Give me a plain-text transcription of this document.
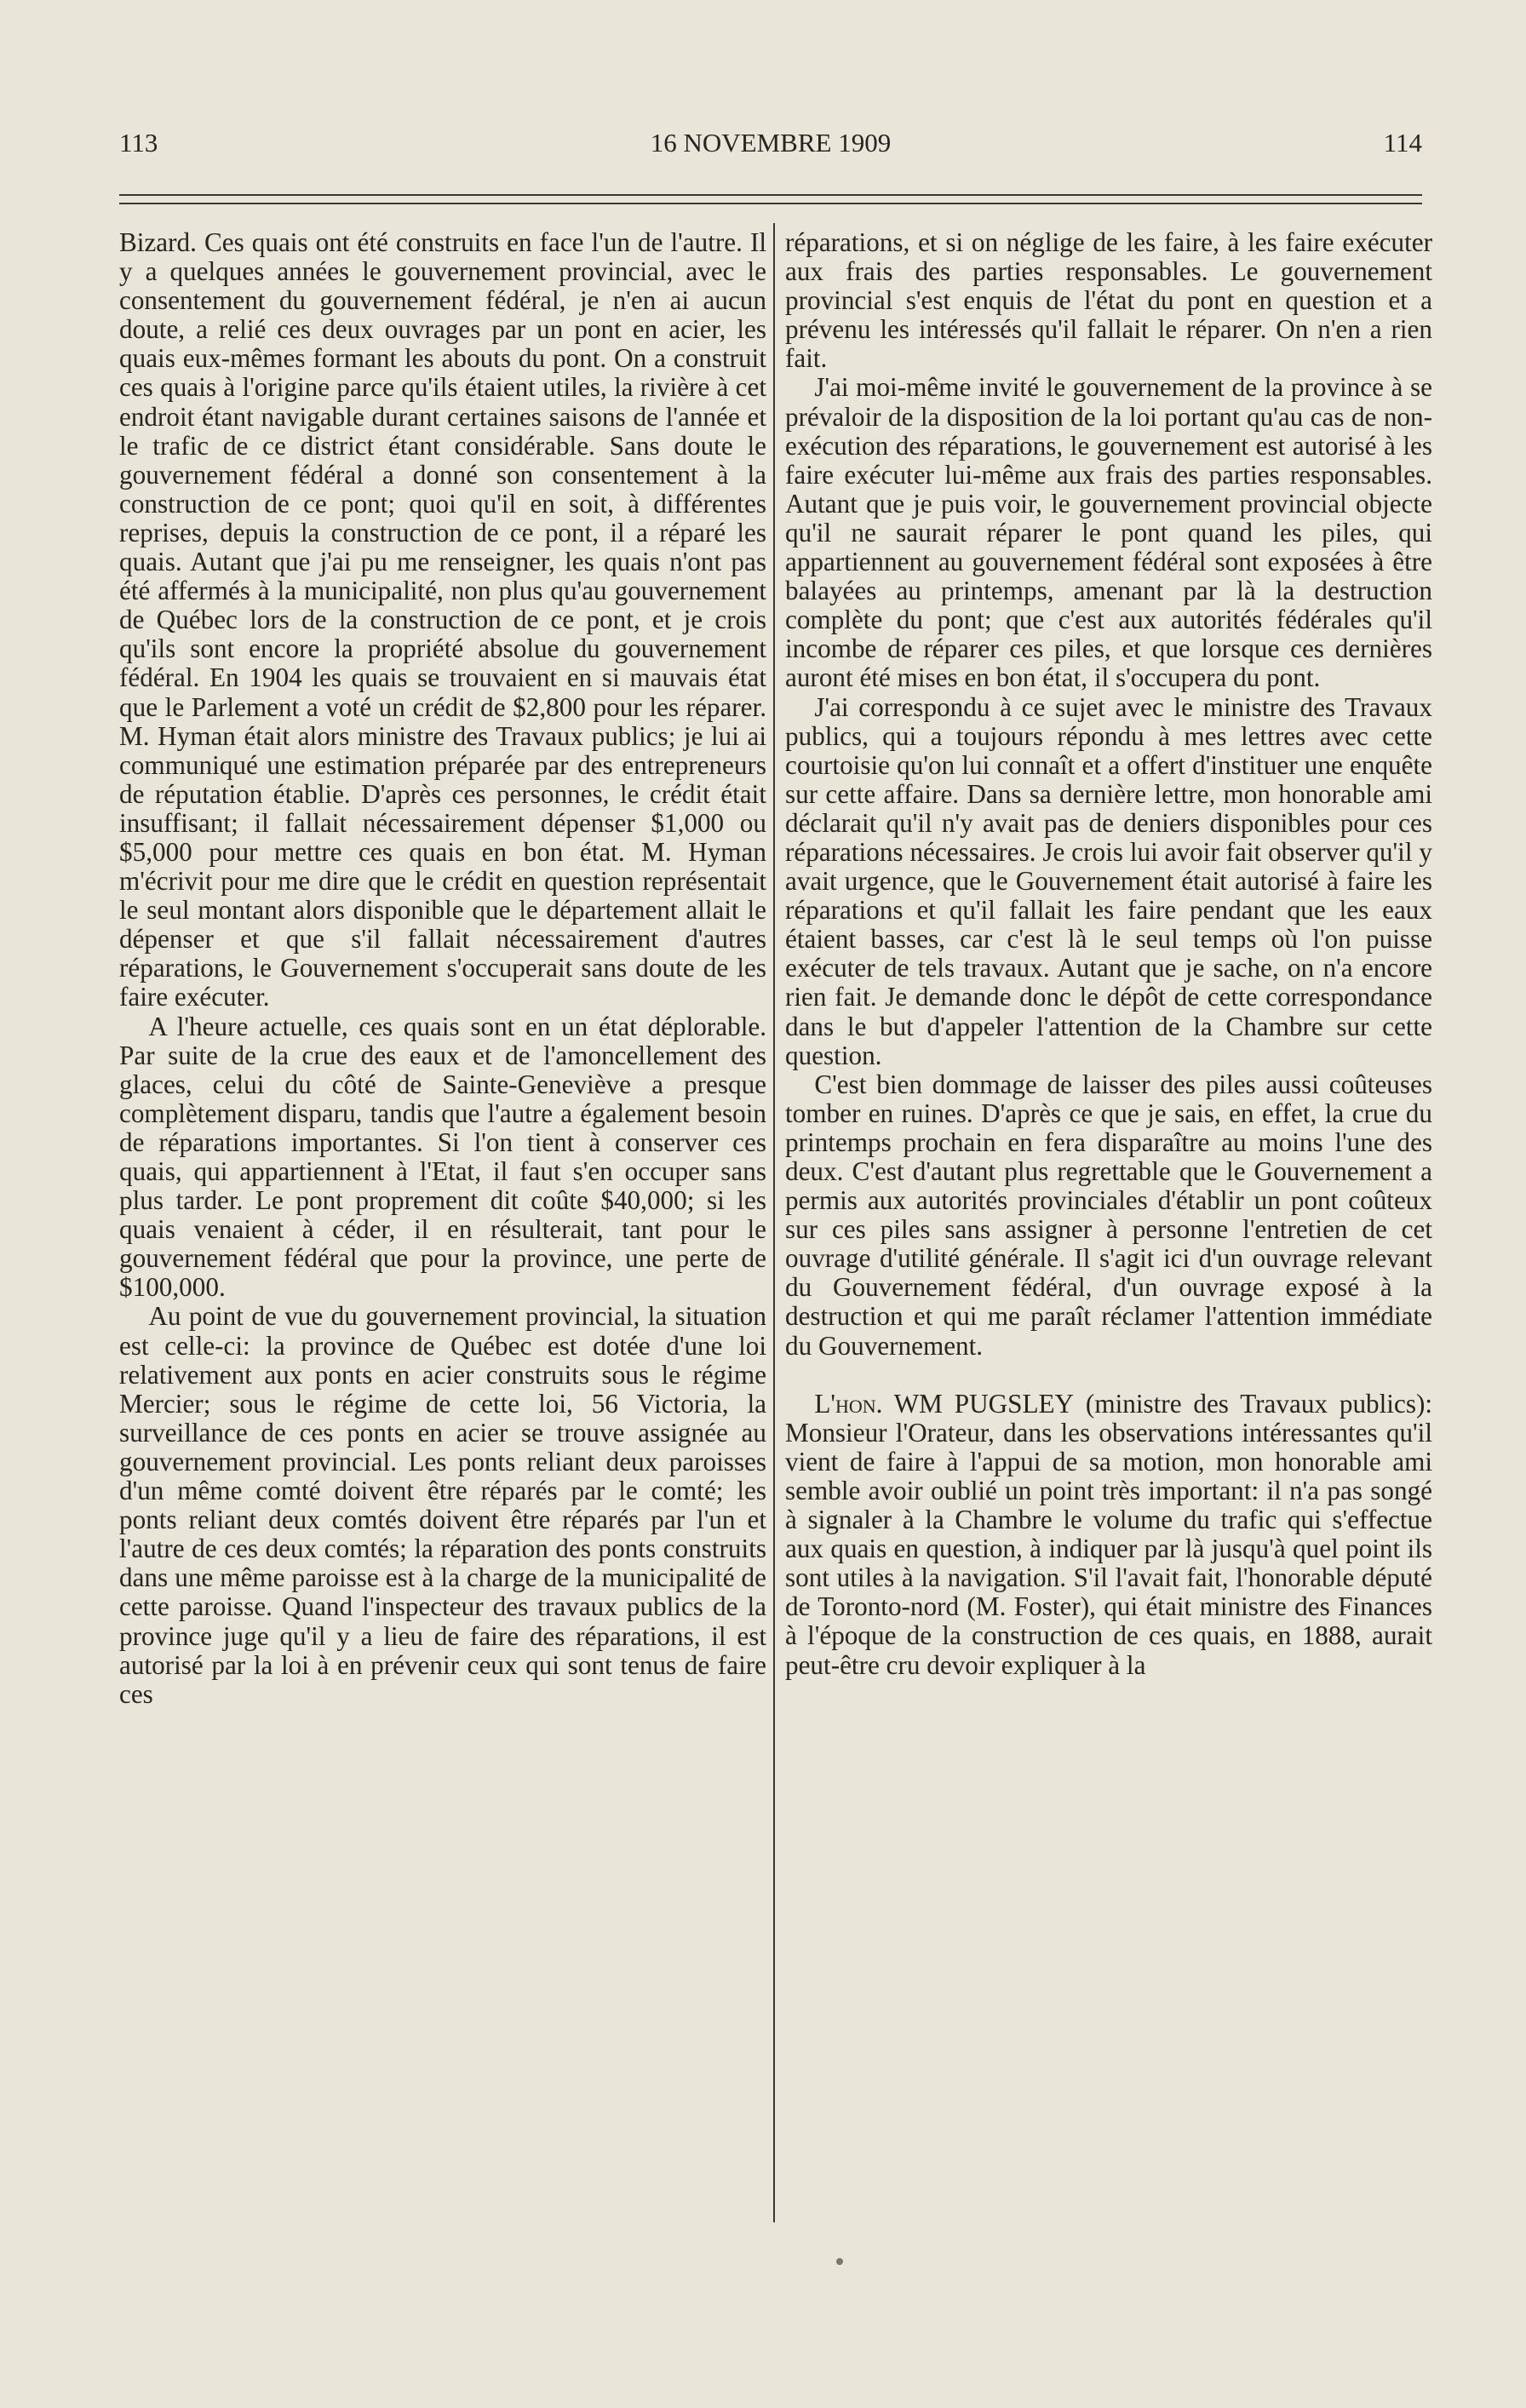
113	16 NOVEMBRE 1909	114

Bizard. Ces quais ont été construits en face l'un de l'autre. Il y a quelques années le gouvernement provincial, avec le consentement du gouvernement fédéral, je n'en ai aucun doute, a relié ces deux ouvrages par un pont en acier, les quais eux-mêmes formant les abouts du pont. On a construit ces quais à l'origine parce qu'ils étaient utiles, la rivière à cet endroit étant navigable durant certaines saisons de l'année et le trafic de ce district étant considérable. Sans doute le gouvernement fédéral a donné son consentement à la construction de ce pont; quoi qu'il en soit, à différentes reprises, depuis la construction de ce pont, il a réparé les quais. Autant que j'ai pu me renseigner, les quais n'ont pas été affermés à la municipalité, non plus qu'au gouvernement de Québec lors de la construction de ce pont, et je crois qu'ils sont encore la propriété absolue du gouvernement fédéral. En 1904 les quais se trouvaient en si mauvais état que le Parlement a voté un crédit de $2,800 pour les réparer. M. Hyman était alors ministre des Travaux publics; je lui ai communiqué une estimation préparée par des entrepreneurs de réputation établie. D'après ces personnes, le crédit était insuffisant; il fallait nécessairement dépenser $1,000 ou $5,000 pour mettre ces quais en bon état. M. Hyman m'écrivit pour me dire que le crédit en question représentait le seul montant alors disponible que le département allait le dépenser et que s'il fallait nécessairement d'autres réparations, le Gouvernement s'occuperait sans doute de les faire exécuter.

A l'heure actuelle, ces quais sont en un état déplorable. Par suite de la crue des eaux et de l'amoncellement des glaces, celui du côté de Sainte-Geneviève a presque complètement disparu, tandis que l'autre a également besoin de réparations importantes. Si l'on tient à conserver ces quais, qui appartiennent à l'Etat, il faut s'en occuper sans plus tarder. Le pont proprement dit coûte $40,000; si les quais venaient à céder, il en résulterait, tant pour le gouvernement fédéral que pour la province, une perte de $100,000.

Au point de vue du gouvernement provincial, la situation est celle-ci: la province de Québec est dotée d'une loi relativement aux ponts en acier construits sous le régime Mercier; sous le régime de cette loi, 56 Victoria, la surveillance de ces ponts en acier se trouve assignée au gouvernement provincial. Les ponts reliant deux paroisses d'un même comté doivent être réparés par le comté; les ponts reliant deux comtés doivent être réparés par l'un et l'autre de ces deux comtés; la réparation des ponts construits dans une même paroisse est à la charge de la municipalité de cette paroisse. Quand l'inspecteur des travaux publics de la province juge qu'il y a lieu de faire des réparations, il est autorisé par la loi à en prévenir ceux qui sont tenus de faire ces

réparations, et si on néglige de les faire, à les faire exécuter aux frais des parties responsables. Le gouvernement provincial s'est enquis de l'état du pont en question et a prévenu les intéressés qu'il fallait le réparer. On n'en a rien fait.

J'ai moi-même invité le gouvernement de la province à se prévaloir de la disposition de la loi portant qu'au cas de non-exécution des réparations, le gouvernement est autorisé à les faire exécuter lui-même aux frais des parties responsables. Autant que je puis voir, le gouvernement provincial objecte qu'il ne saurait réparer le pont quand les piles, qui appartiennent au gouvernement fédéral sont exposées à être balayées au printemps, amenant par là la destruction complète du pont; que c'est aux autorités fédérales qu'il incombe de réparer ces piles, et que lorsque ces dernières auront été mises en bon état, il s'occupera du pont.

J'ai correspondu à ce sujet avec le ministre des Travaux publics, qui a toujours répondu à mes lettres avec cette courtoisie qu'on lui connaît et a offert d'instituer une enquête sur cette affaire. Dans sa dernière lettre, mon honorable ami déclarait qu'il n'y avait pas de deniers disponibles pour ces réparations nécessaires. Je crois lui avoir fait observer qu'il y avait urgence, que le Gouvernement était autorisé à faire les réparations et qu'il fallait les faire pendant que les eaux étaient basses, car c'est là le seul temps où l'on puisse exécuter de tels travaux. Autant que je sache, on n'a encore rien fait. Je demande donc le dépôt de cette correspondance dans le but d'appeler l'attention de la Chambre sur cette question.

C'est bien dommage de laisser des piles aussi coûteuses tomber en ruines. D'après ce que je sais, en effet, la crue du printemps prochain en fera disparaître au moins l'une des deux. C'est d'autant plus regrettable que le Gouvernement a permis aux autorités provinciales d'établir un pont coûteux sur ces piles sans assigner à personne l'entretien de cet ouvrage d'utilité générale. Il s'agit ici d'un ouvrage relevant du Gouvernement fédéral, d'un ouvrage exposé à la destruction et qui me paraît réclamer l'attention immédiate du Gouvernement.

L'hon. WM PUGSLEY (ministre des Travaux publics): Monsieur l'Orateur, dans les observations intéressantes qu'il vient de faire à l'appui de sa motion, mon honorable ami semble avoir oublié un point très important: il n'a pas songé à signaler à la Chambre le volume du trafic qui s'effectue aux quais en question, à indiquer par là jusqu'à quel point ils sont utiles à la navigation. S'il l'avait fait, l'honorable député de Toronto-nord (M. Foster), qui était ministre des Finances à l'époque de la construction de ces quais, en 1888, aurait peut-être cru devoir expliquer à la
